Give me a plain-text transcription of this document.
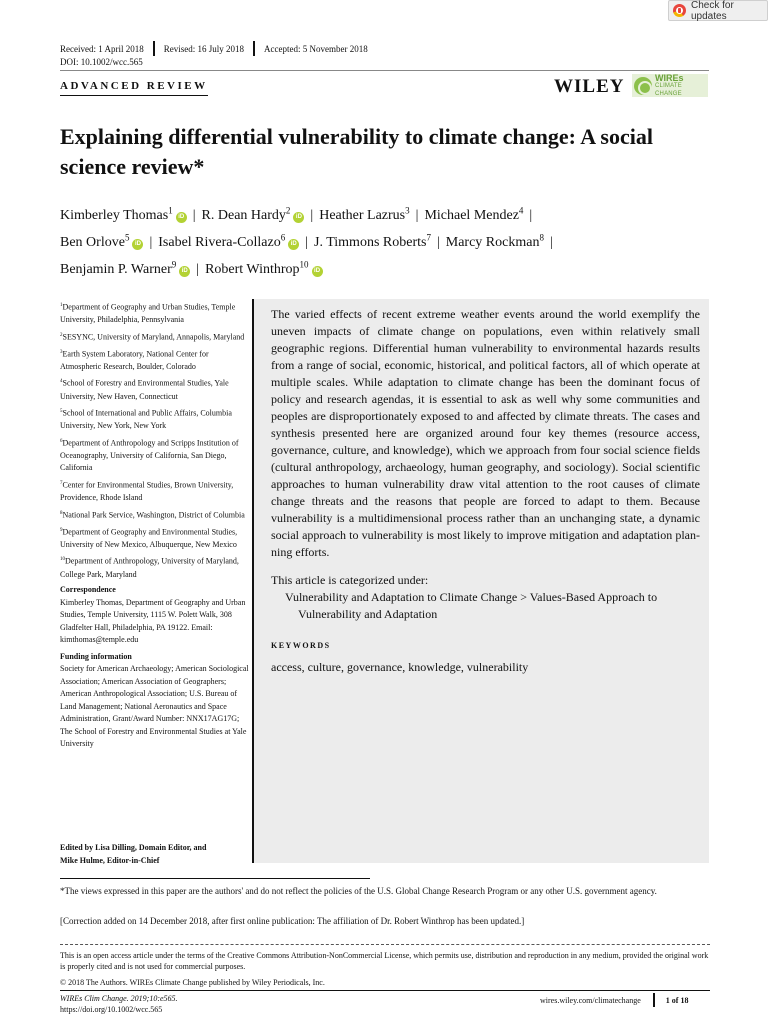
Check for updates
Received: 1 April 2018 Revised: 16 July 2018 Accepted: 5 November 2018
DOI: 10.1002/wcc.565
ADVANCED REVIEW	WILEY	WIREs
CLIMATE CHANGE
Explaining differential vulnerability to climate change: A social science review*
Kimberley Thomas$^1$iD | R. Dean Hardy$^2$iD | Heather Lazrus$^3$ | Michael Mendez$^4$ |
Ben Orlove$^5$iD | Isabel Rivera-Collazo$^6$iD | J. Timmons Roberts$^7$ | Marcy Rockman$^8$ |
Benjamin P. Warner$^9$iD | Robert Winthrop$^{10}$iD
$^1$Department of Geography and Urban Studies, Temple University, Philadelphia, Pennsylvania
$^2$SESYNC, University of Maryland, Annapolis, Maryland
$^3$Earth System Laboratory, National Center for Atmospheric Research, Boulder, Colorado
$^4$School of Forestry and Environmental Studies, Yale University, New Haven, Connecticut
$^5$School of International and Public Affairs, Columbia University, New York, New York
$^6$Department of Anthropology and Scripps Institution of Oceanography, University of California, San Diego, California
$^7$Center for Environmental Studies, Brown University, Providence, Rhode Island
$^8$National Park Service, Washington, District of Columbia
$^9$Department of Geography and Environmental Studies, University of New Mexico, Albuquerque, New Mexico
$^{10}$Department of Anthropology, University of Maryland, College Park, Maryland
Correspondence
Kimberley Thomas, Department of Geography and Urban Studies, Temple University, 1115 W. Polett Walk, 308 Gladfelter Hall, Philadelphia, PA 19122. Email: kimthomas@temple.edu
Funding information
Society for American Archaeology; American Sociological Association; American Association of Geographers; American Anthropological Association; U.S. Bureau of Land Management; National Aeronautics and Space Administration, Grant/Award Number: NNX17AG17G; The School of Forestry and Environmental Studies at Yale University
Edited by Lisa Dilling, Domain Editor, and
Mike Hulme, Editor-in-Chief

The varied effects of recent extreme weather events around the world exemplify the uneven impacts of climate change on populations, even within relatively small geographic regions. Differential human vulnerability to environmental hazards results from a range of social, economic, historical, and political factors, all of which operate at multiple scales. While adaptation to climate change has been the dominant focus of policy and research agendas, it is essential to ask as well why some communities and peoples are disproportionately exposed to and affected by climate threats. The cases and synthesis presented here are organized around four key themes (resource access, governance, culture, and knowledge), which we approach from four social science fields (cultural anthropology, archaeology, human geography, and sociology). Social scientific approaches to human vulnerability draw vital attention to the root causes of climate change threats and the reasons that people are forced to adapt to them. Because vulnerability is a multidimensional process rather than an unchanging state, a dynamic social approach to vulnerability is most likely to improve mitigation and adaptation planning efforts.

This article is categorized under:

Vulnerability and Adaptation to Climate Change > Values-Based Approach to
Vulnerability and Adaptation

KEYWORDS
access, culture, governance, knowledge, vulnerability
*The views expressed in this paper are the authors' and do not reflect the policies of the U.S. Global Change Research Program or any other U.S. government agency.
[Correction added on 14 December 2018, after first online publication: The affiliation of Dr. Robert Winthrop has been updated.]
This is an open access article under the terms of the Creative Commons Attribution-NonCommercial License, which permits use, distribution and reproduction in any medium, provided the original work is properly cited and is not used for commercial purposes.
© 2018 The Authors. WIREs Climate Change published by Wiley Periodicals, Inc.
WIREs Clim Change. 2019;10:e565.
https://doi.org/10.1002/wcc.565
wires.wiley.com/climatechange	1 of 18
